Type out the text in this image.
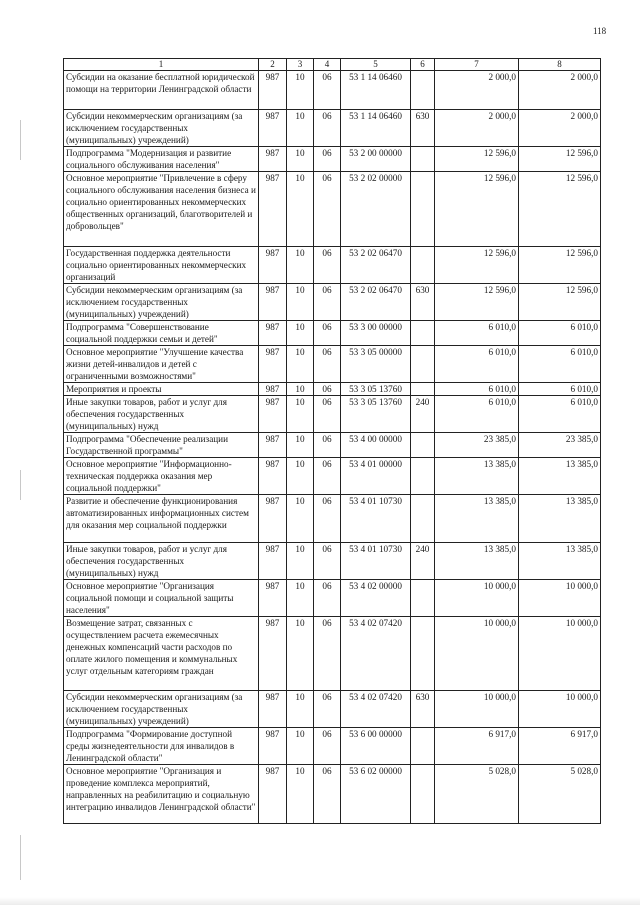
118
1	2	3	4	5	6	7	8
Субсидии на оказание бесплатной юридической помощи на территории Ленинградской области	987	10	06	53 1 14 06460		2 000,0	2 000,0
Субсидии некоммерческим организациям (за исключением государственных (муниципальных) учреждений)	987	10	06	53 1 14 06460	630	2 000,0	2 000,0
Подпрограмма "Модернизация и развитие социального обслуживания населения"	987	10	06	53 2 00 00000		12 596,0	12 596,0
Основное мероприятие "Привлечение в сферу социального обслуживания населения бизнеса и социально ориентированных некоммерческих общественных организаций, благотворителей и добровольцев"	987	10	06	53 2 02 00000		12 596,0	12 596,0
Государственная поддержка деятельности социально ориентированных некоммерческих организаций	987	10	06	53 2 02 06470		12 596,0	12 596,0
Субсидии некоммерческим организациям (за исключением государственных (муниципальных) учреждений)	987	10	06	53 2 02 06470	630	12 596,0	12 596,0
Подпрограмма "Совершенствование социальной поддержки семьи и детей"	987	10	06	53 3 00 00000		6 010,0	6 010,0
Основное мероприятие "Улучшение качества жизни детей-инвалидов и детей с ограниченными возможностями"	987	10	06	53 3 05 00000		6 010,0	6 010,0
Мероприятия и проекты	987	10	06	53 3 05 13760		6 010,0	6 010,0
Иные закупки товаров, работ и услуг для обеспечения государственных (муниципальных) нужд	987	10	06	53 3 05 13760	240	6 010,0	6 010,0
Подпрограмма "Обеспечение реализации Государственной программы"	987	10	06	53 4 00 00000		23 385,0	23 385,0
Основное мероприятие "Информационно-техническая поддержка оказания мер социальной поддержки"	987	10	06	53 4 01 00000		13 385,0	13 385,0
Развитие и обеспечение функционирования автоматизированных информационных систем для оказания мер социальной поддержки	987	10	06	53 4 01 10730		13 385,0	13 385,0
Иные закупки товаров, работ и услуг для обеспечения государственных (муниципальных) нужд	987	10	06	53 4 01 10730	240	13 385,0	13 385,0
Основное мероприятие "Организация социальной помощи и социальной защиты населения"	987	10	06	53 4 02 00000		10 000,0	10 000,0
Возмещение затрат, связанных с осуществлением расчета ежемесячных денежных компенсаций части расходов по оплате жилого помещения и коммунальных услуг отдельным категориям граждан	987	10	06	53 4 02 07420		10 000,0	10 000,0
Субсидии некоммерческим организациям (за исключением государственных (муниципальных) учреждений)	987	10	06	53 4 02 07420	630	10 000,0	10 000,0
Подпрограмма "Формирование доступной среды жизнедеятельности для инвалидов в Ленинградской области"	987	10	06	53 6 00 00000		6 917,0	6 917,0
Основное мероприятие "Организация и проведение комплекса мероприятий, направленных на реабилитацию и социальную интеграцию инвалидов Ленинградской области"	987	10	06	53 6 02 00000		5 028,0	5 028,0
